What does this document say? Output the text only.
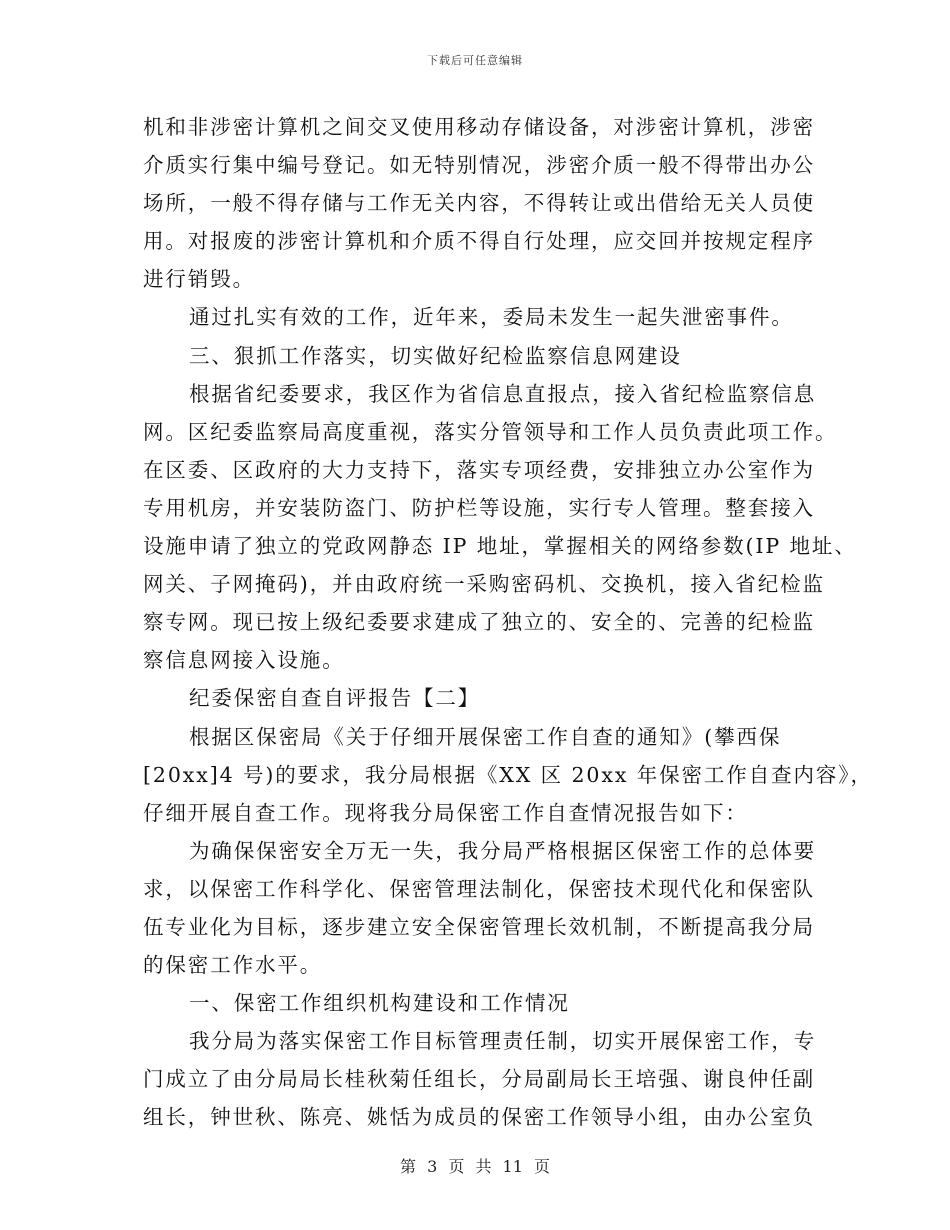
下载后可任意编辑
机和非涉密计算机之间交叉使用移动存储设备，对涉密计算机，涉密
介质实行集中编号登记。如无特别情况，涉密介质一般不得带出办公
场所，一般不得存储与工作无关内容，不得转让或出借给无关人员使
用。对报废的涉密计算机和介质不得自行处理，应交回并按规定程序
进行销毁。
通过扎实有效的工作，近年来，委局未发生一起失泄密事件。
三、狠抓工作落实，切实做好纪检监察信息网建设
根据省纪委要求，我区作为省信息直报点，接入省纪检监察信息
网。区纪委监察局高度重视，落实分管领导和工作人员负责此项工作。
在区委、区政府的大力支持下，落实专项经费，安排独立办公室作为
专用机房，并安装防盗门、防护栏等设施，实行专人管理。整套接入
设施申请了独立的党政网静态 IP 地址，掌握相关的网络参数(IP 地址、
网关、子网掩码)，并由政府统一采购密码机、交换机，接入省纪检监
察专网。现已按上级纪委要求建成了独立的、安全的、完善的纪检监
察信息网接入设施。
纪委保密自查自评报告【二】
根据区保密局《关于仔细开展保密工作自查的通知》(攀西保
[20xx]4 号)的要求，我分局根据《XX 区 20xx 年保密工作自查内容》，
仔细开展自查工作。现将我分局保密工作自查情况报告如下：
为确保保密安全万无一失，我分局严格根据区保密工作的总体要
求，以保密工作科学化、保密管理法制化，保密技术现代化和保密队
伍专业化为目标，逐步建立安全保密管理长效机制，不断提高我分局
的保密工作水平。
一、保密工作组织机构建设和工作情况
我分局为落实保密工作目标管理责任制，切实开展保密工作，专
门成立了由分局局长桂秋菊任组长，分局副局长王培强、谢良仲任副
组长，钟世秋、陈亮、姚恬为成员的保密工作领导小组，由办公室负
第 3 页 共 11 页
